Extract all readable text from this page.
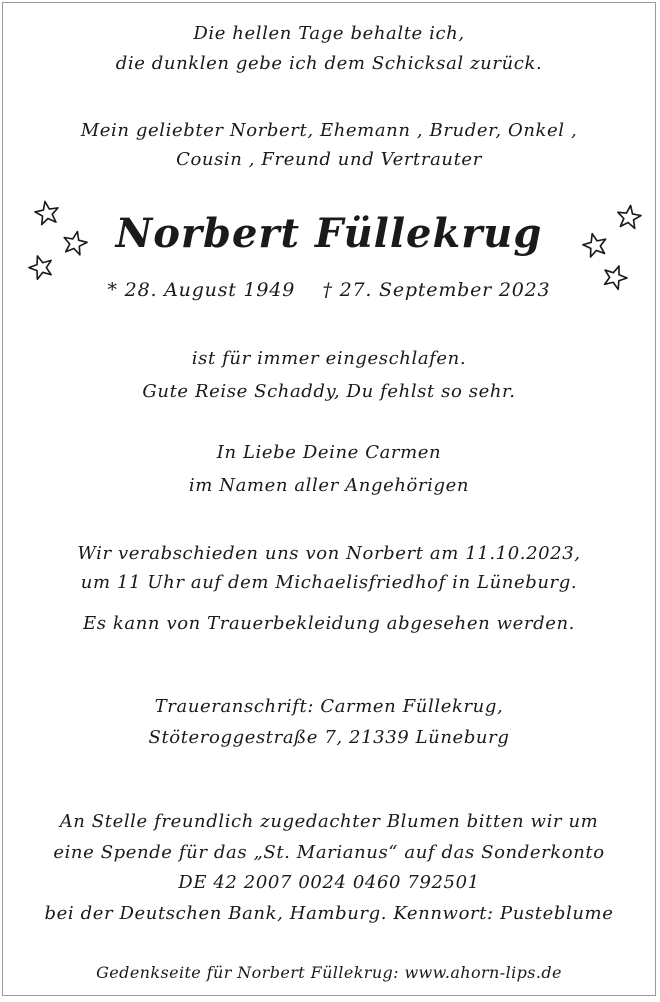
Die hellen Tage behalte ich,
die dunklen gebe ich dem Schicksal zurück.
Mein geliebter Norbert, Ehemann , Bruder, Onkel ,
Cousin , Freund und Vertrauter
Norbert Füllekrug
* 28. August 1949 † 27. September 2023
ist für immer eingeschlafen.
Gute Reise Schaddy, Du fehlst so sehr.
In Liebe Deine Carmen
im Namen aller Angehörigen
Wir verabschieden uns von Norbert am 11.10.2023,
um 11 Uhr auf dem Michaelisfriedhof in Lüneburg.
Es kann von Trauerbekleidung abgesehen werden.
Traueranschrift: Carmen Füllekrug,
Stöteroggestraße 7, 21339 Lüneburg
An Stelle freundlich zugedachter Blumen bitten wir um
eine Spende für das „St. Marianus“ auf das Sonderkonto
DE 42 2007 0024 0460 792501
bei der Deutschen Bank, Hamburg. Kennwort: Pusteblume
Gedenkseite für Norbert Füllekrug: www.ahorn-lips.de
